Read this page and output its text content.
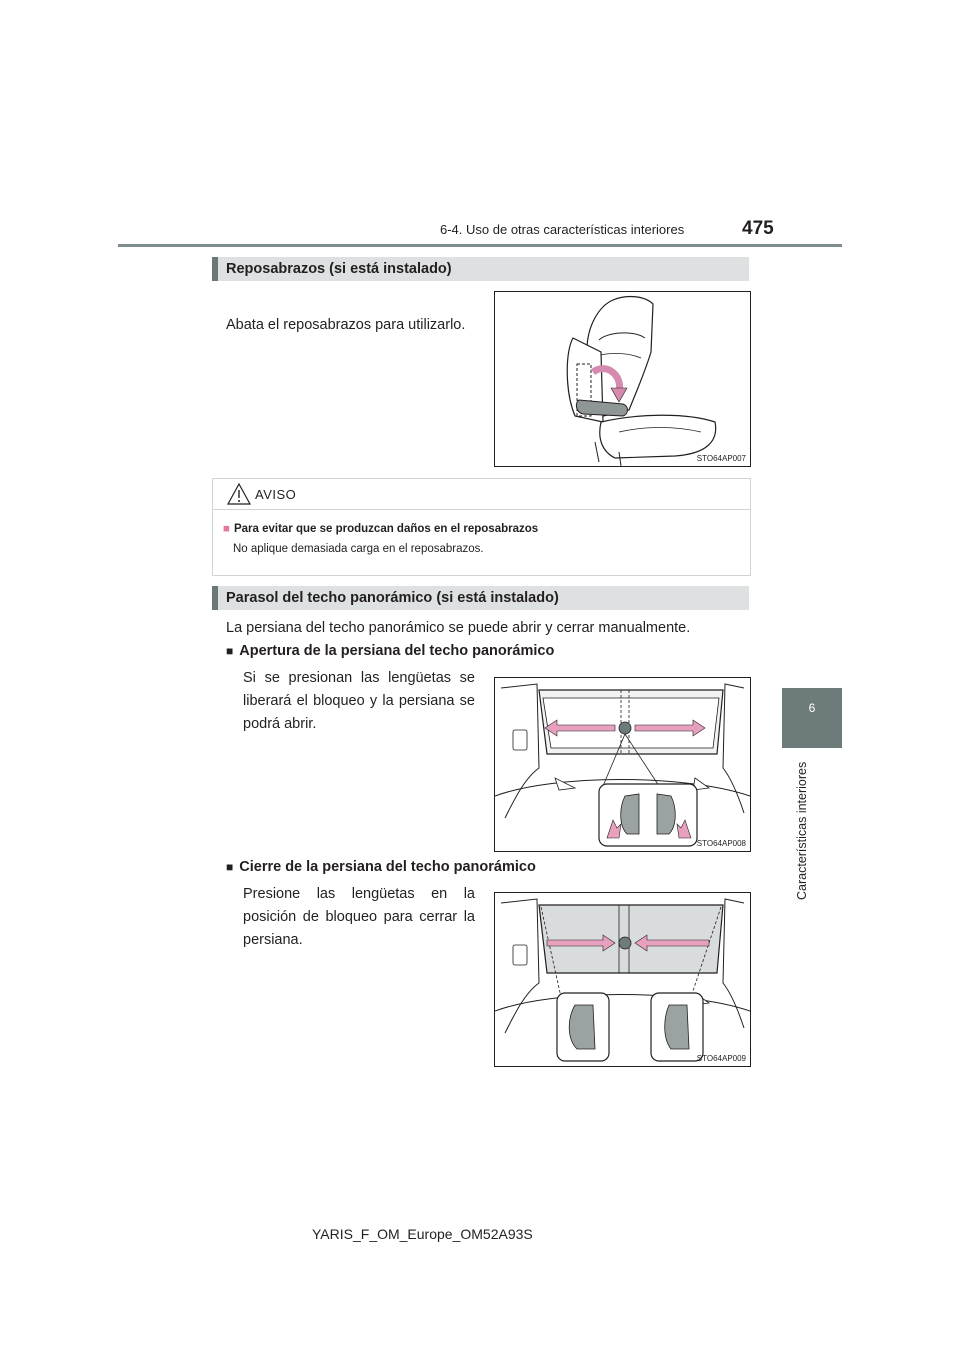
6-4. Uso de otras características interiores	475
6
Características interiores
Reposabrazos (si está instalado)
Abata el reposabrazos para utilizarlo.
STO64AP007
AVISO
■ Para evitar que se produzcan daños en el reposabrazos
No aplique demasiada carga en el reposabrazos.
Parasol del techo panorámico (si está instalado)
La persiana del techo panorámico se puede abrir y cerrar manualmente.
■ Apertura de la persiana del techo panorámico
Si se presionan las lengüetas se liberará el bloqueo y la persiana se podrá abrir.
STO64AP008
■ Cierre de la persiana del techo panorámico
Presione las lengüetas en la posición de bloqueo para cerrar la persiana.
STO64AP009
YARIS_F_OM_Europe_OM52A93S
